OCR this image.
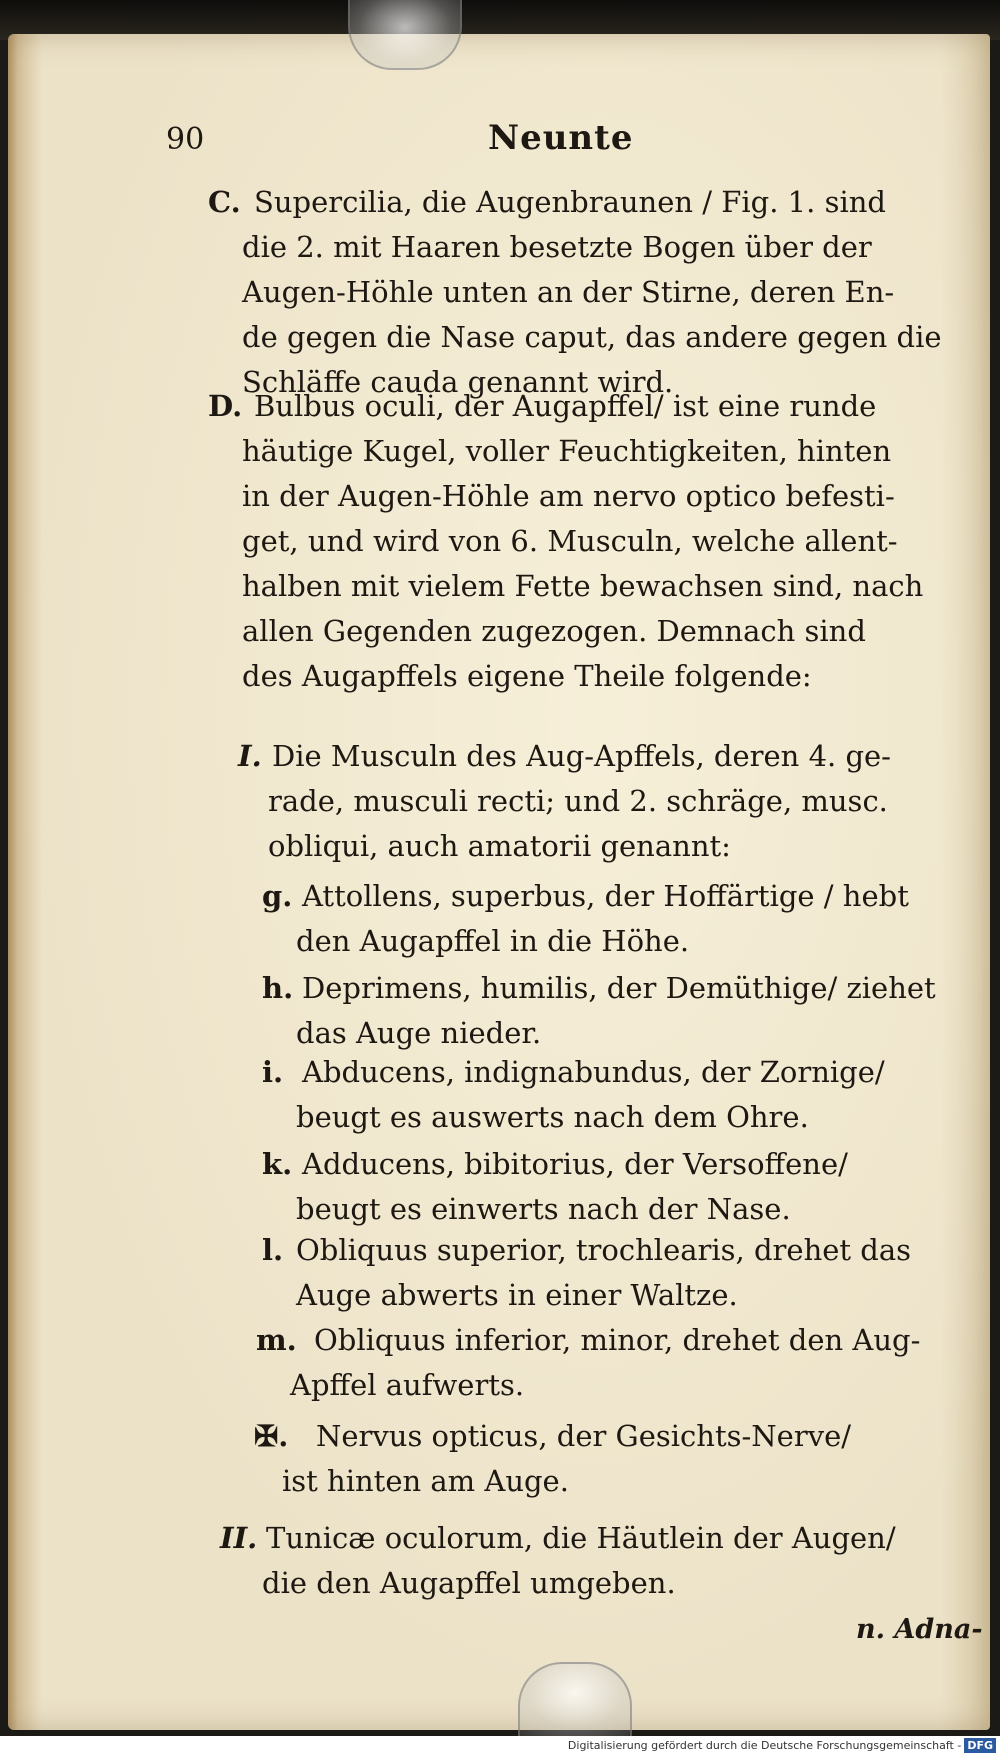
90	Neunte
C. Supercilia, die Augenbraunen / Fig. 1. sind
die 2. mit Haaren besetzte Bogen über der
Augen-Höhle unten an der Stirne, deren En-
de gegen die Nase caput, das andere gegen die
Schläffe cauda genannt wird.
D. Bulbus oculi, der Augapffel/ ist eine runde
häutige Kugel, voller Feuchtigkeiten, hinten
in der Augen-Höhle am nervo optico befesti-
get, und wird von 6. Musculn, welche allent-
halben mit vielem Fette bewachsen sind, nach
allen Gegenden zugezogen. Demnach sind
des Augapffels eigene Theile folgende:
I. Die Musculn des Aug-Apffels, deren 4. ge-
rade, musculi recti; und 2. schräge, musc.
obliqui, auch amatorii genannt:
g. Attollens, superbus, der Hoffärtige / hebt
den Augapffel in die Höhe.
h. Deprimens, humilis, der Demüthige/ ziehet
das Auge nieder.
i. Abducens, indignabundus, der Zornige/
beugt es auswerts nach dem Ohre.
k. Adducens, bibitorius, der Versoffene/
beugt es einwerts nach der Nase.
l. Obliquus superior, trochlearis, drehet das
Auge abwerts in einer Waltze.
m. Obliquus inferior, minor, drehet den Aug-
Apffel aufwerts.
✠. Nervus opticus, der Gesichts-Nerve/
ist hinten am Auge.
II. Tunicæ oculorum, die Häutlein der Augen/
die den Augapffel umgeben.
n. Adna-
Digitalisierung gefördert durch die Deutsche Forschungsgemeinschaft - DFG
